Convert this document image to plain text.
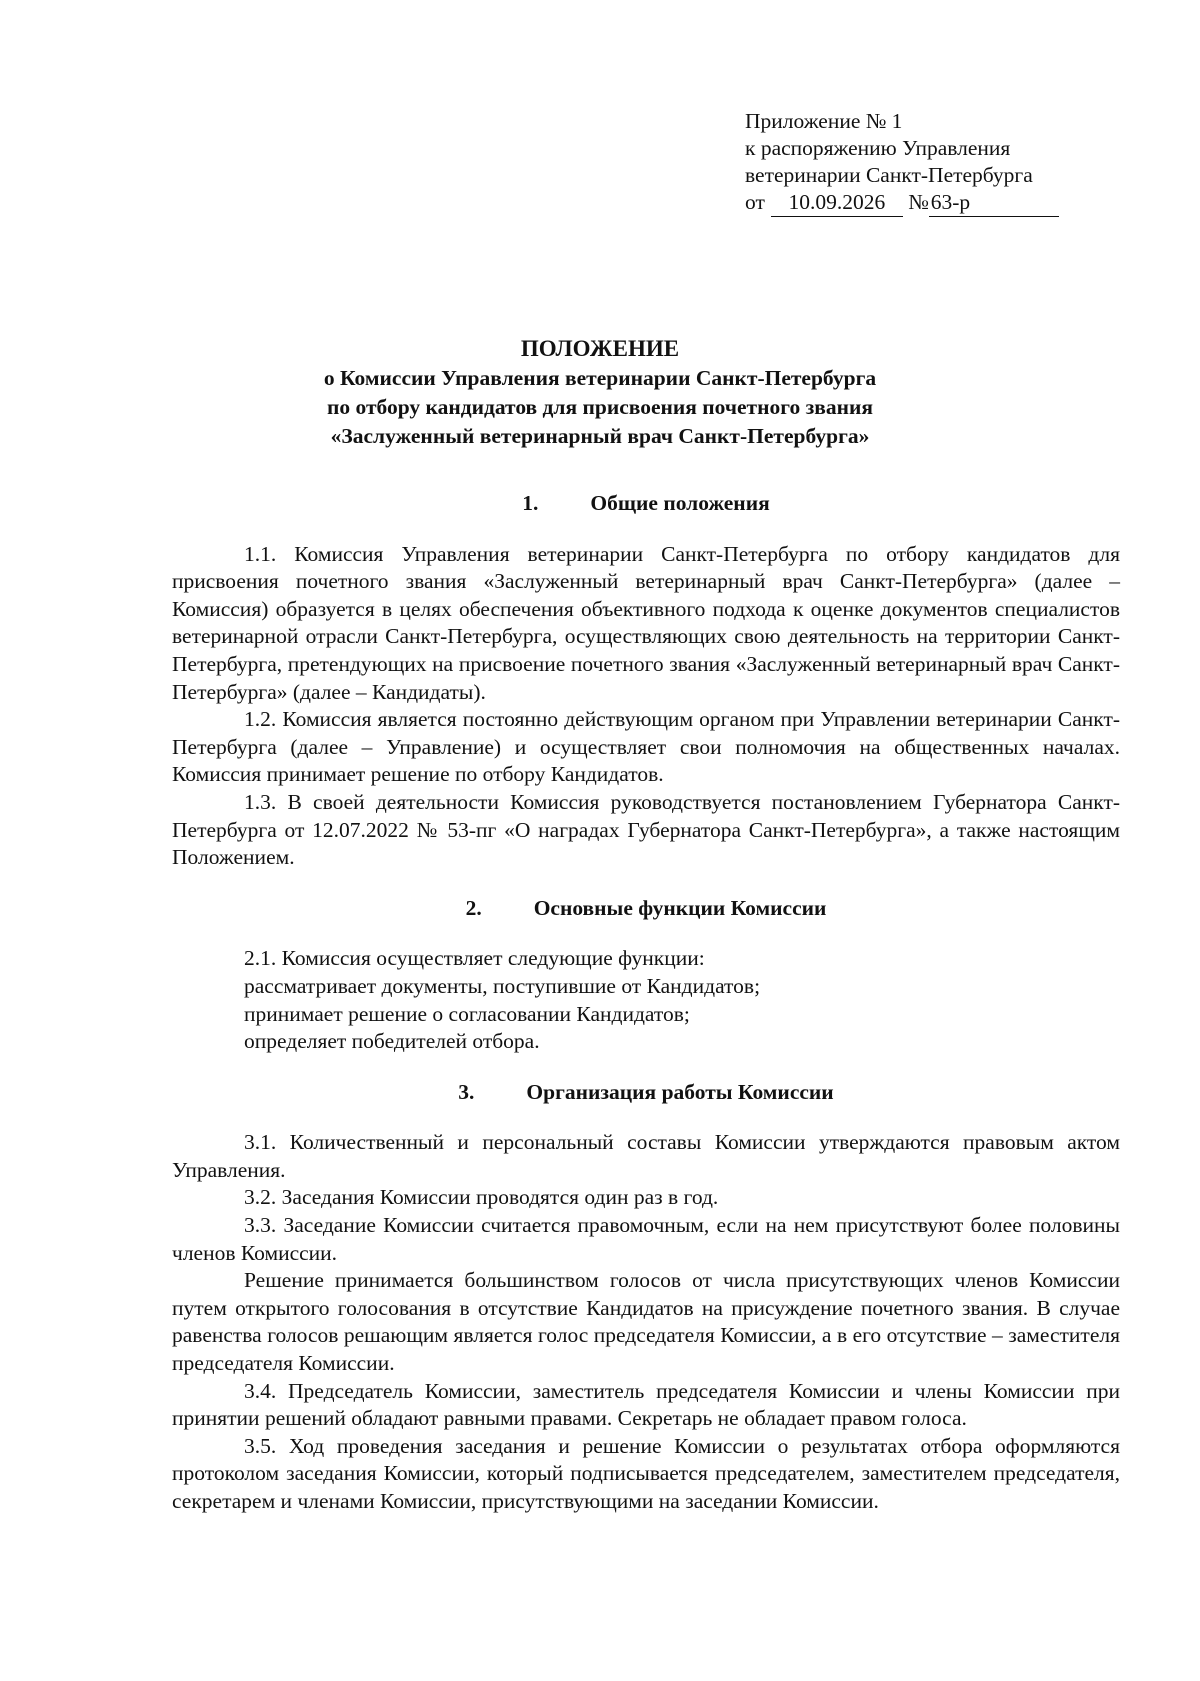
Приложение № 1
к распоряжению Управления
ветеринарии Санкт-Петербурга
от 10.09.2026 №63-р
ПОЛОЖЕНИЕ
о Комиссии Управления ветеринарии Санкт-Петербурга
по отбору кандидатов для присвоения почетного звания
«Заслуженный ветеринарный врач Санкт-Петербурга»
1. Общие положения

1.1. Комиссия Управления ветеринарии Санкт-Петербурга по отбору кандидатов для присвоения почетного звания «Заслуженный ветеринарный врач Санкт-Петербурга» (далее – Комиссия) образуется в целях обеспечения объективного подхода к оценке документов специалистов ветеринарной отрасли Санкт-Петербурга, осуществляющих свою деятельность на территории Санкт-Петербурга, претендующих на присвоение почетного звания «Заслуженный ветеринарный врач Санкт-Петербурга» (далее – Кандидаты).

1.2. Комиссия является постоянно действующим органом при Управлении ветеринарии Санкт-Петербурга (далее – Управление) и осуществляет свои полномочия на общественных началах. Комиссия принимает решение по отбору Кандидатов.

1.3. В своей деятельности Комиссия руководствуется постановлением Губернатора Санкт-Петербурга от 12.07.2022 № 53-пг «О наградах Губернатора Санкт-Петербурга», а также настоящим Положением.

2. Основные функции Комиссии

2.1. Комиссия осуществляет следующие функции:

рассматривает документы, поступившие от Кандидатов;

принимает решение о согласовании Кандидатов;

определяет победителей отбора.

3. Организация работы Комиссии

3.1. Количественный и персональный составы Комиссии утверждаются правовым актом Управления.

3.2. Заседания Комиссии проводятся один раз в год.

3.3. Заседание Комиссии считается правомочным, если на нем присутствуют более половины членов Комиссии.

Решение принимается большинством голосов от числа присутствующих членов Комиссии путем открытого голосования в отсутствие Кандидатов на присуждение почетного звания. В случае равенства голосов решающим является голос председателя Комиссии, а в его отсутствие – заместителя председателя Комиссии.

3.4. Председатель Комиссии, заместитель председателя Комиссии и члены Комиссии при принятии решений обладают равными правами. Секретарь не обладает правом голоса.

3.5. Ход проведения заседания и решение Комиссии о результатах отбора оформляются протоколом заседания Комиссии, который подписывается председателем, заместителем председателя, секретарем и членами Комиссии, присутствующими на заседании Комиссии.
